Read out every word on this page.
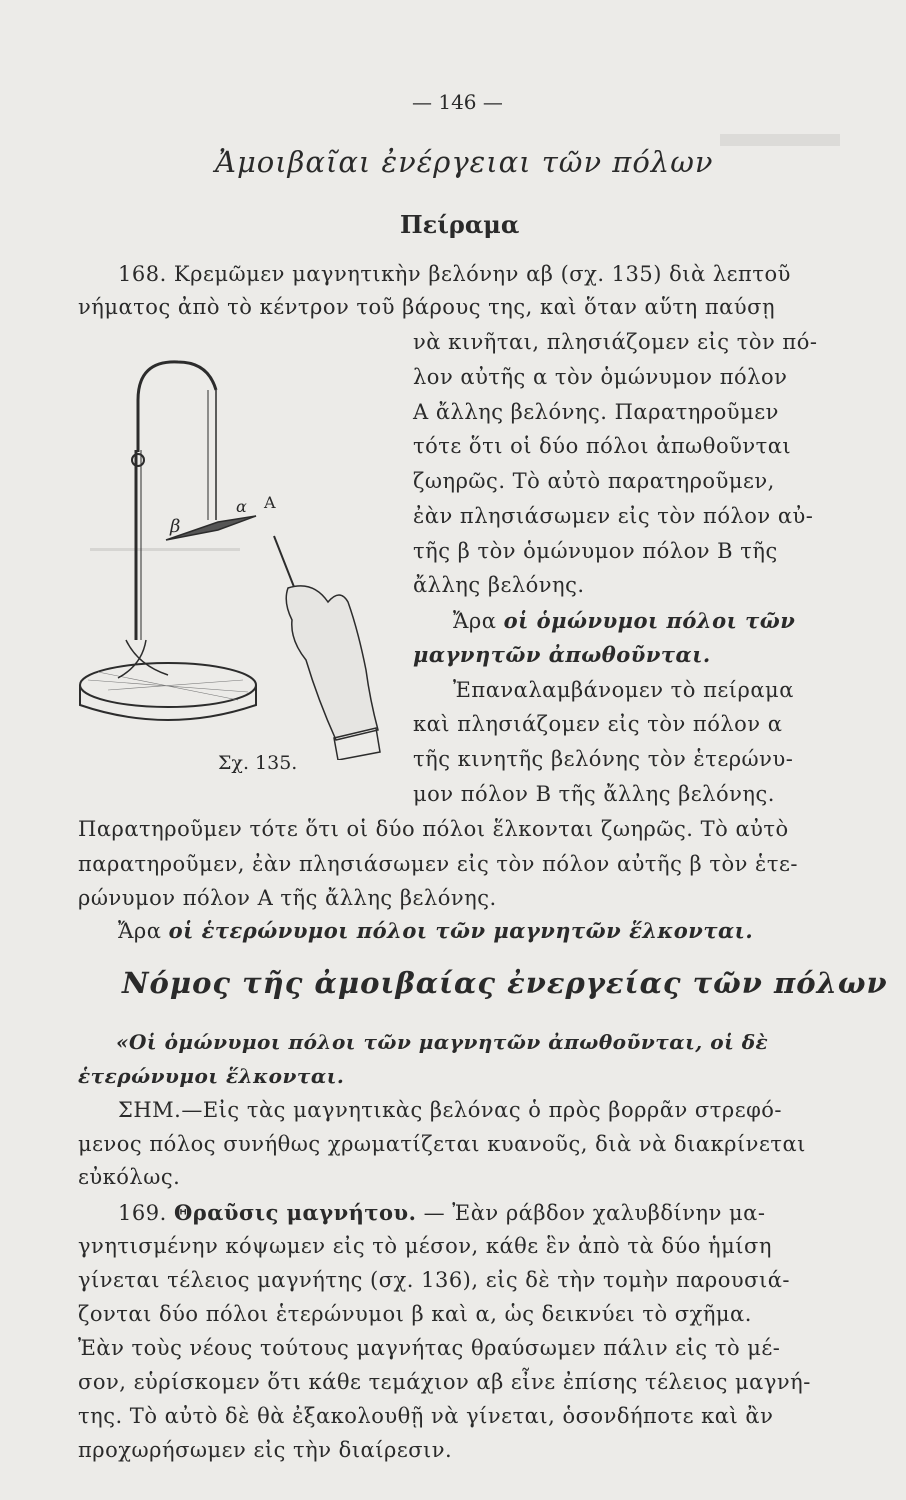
— 146 —
Ἀμοιβαῖαι ἐνέργειαι τῶν πόλων
Πείραμα
168. Κρεμῶμεν μαγνητικὴν βελόνην αβ (σχ. 135) διὰ λεπτοῦ
νήματος ἀπὸ τὸ κέντρον τοῦ βάρους της, καὶ ὅταν αὕτη παύσῃ
νὰ κινῆται, πλησιάζομεν εἰς τὸν πό-
λον αὐτῆς α τὸν ὁμώνυμον πόλον
Α ἄλλης βελόνης. Παρατηροῦμεν
τότε ὅτι οἱ δύο πόλοι ἀπωθοῦνται
ζωηρῶς. Τὸ αὐτὸ παρατηροῦμεν,
ἐὰν πλησιάσωμεν εἰς τὸν πόλον αὐ-
τῆς β τὸν ὁμώνυμον πόλον Β τῆς
ἄλλης βελόνης.
Ἄρα οἱ ὁμώνυμοι πόλοι τῶν
μαγνητῶν ἀπωθοῦνται.
Ἐπαναλαμβάνομεν τὸ πείραμα
καὶ πλησιάζομεν εἰς τὸν πόλον α
τῆς κινητῆς βελόνης τὸν ἑτερώνυ-
μον πόλον Β τῆς ἄλλης βελόνης.
Παρατηροῦμεν τότε ὅτι οἱ δύο πόλοι ἕλκονται ζωηρῶς. Τὸ αὐτὸ
παρατηροῦμεν, ἐὰν πλησιάσωμεν εἰς τὸν πόλον αὐτῆς β τὸν ἑτε-
ρώνυμον πόλον Α τῆς ἄλλης βελόνης.
Ἄρα οἱ ἑτερώνυμοι πόλοι τῶν μαγνητῶν ἕλκονται.
β
α Α
Σχ. 135.
Νόμος τῆς ἀμοιβαίας ἐνεργείας τῶν πόλων
«Οἱ ὁμώνυμοι πόλοι τῶν μαγνητῶν ἀπωθοῦνται, οἱ δὲ
ἑτερώνυμοι ἕλκονται.
ΣΗΜ.—Εἰς τὰς μαγνητικὰς βελόνας ὁ πρὸς βορρᾶν στρεφό-
μενος πόλος συνήθως χρωματίζεται κυανοῦς, διὰ νὰ διακρίνεται
εὐκόλως.
169. Θραῦσις μαγνήτου. — Ἐὰν ράβδον χαλυβδίνην μα-
γνητισμένην κόψωμεν εἰς τὸ μέσον, κάθε ἓν ἀπὸ τὰ δύο ἡμίση
γίνεται τέλειος μαγνήτης (σχ. 136), εἰς δὲ τὴν τομὴν παρουσιά-
ζονται δύο πόλοι ἑτερώνυμοι β καὶ α, ὡς δεικνύει τὸ σχῆμα.
Ἐὰν τοὺς νέους τούτους μαγνήτας θραύσωμεν πάλιν εἰς τὸ μέ-
σον, εὑρίσκομεν ὅτι κάθε τεμάχιον αβ εἶνε ἐπίσης τέλειος μαγνή-
της. Τὸ αὐτὸ δὲ θὰ ἐξακολουθῇ νὰ γίνεται, ὁσονδήποτε καὶ ἂν
προχωρήσωμεν εἰς τὴν διαίρεσιν.
